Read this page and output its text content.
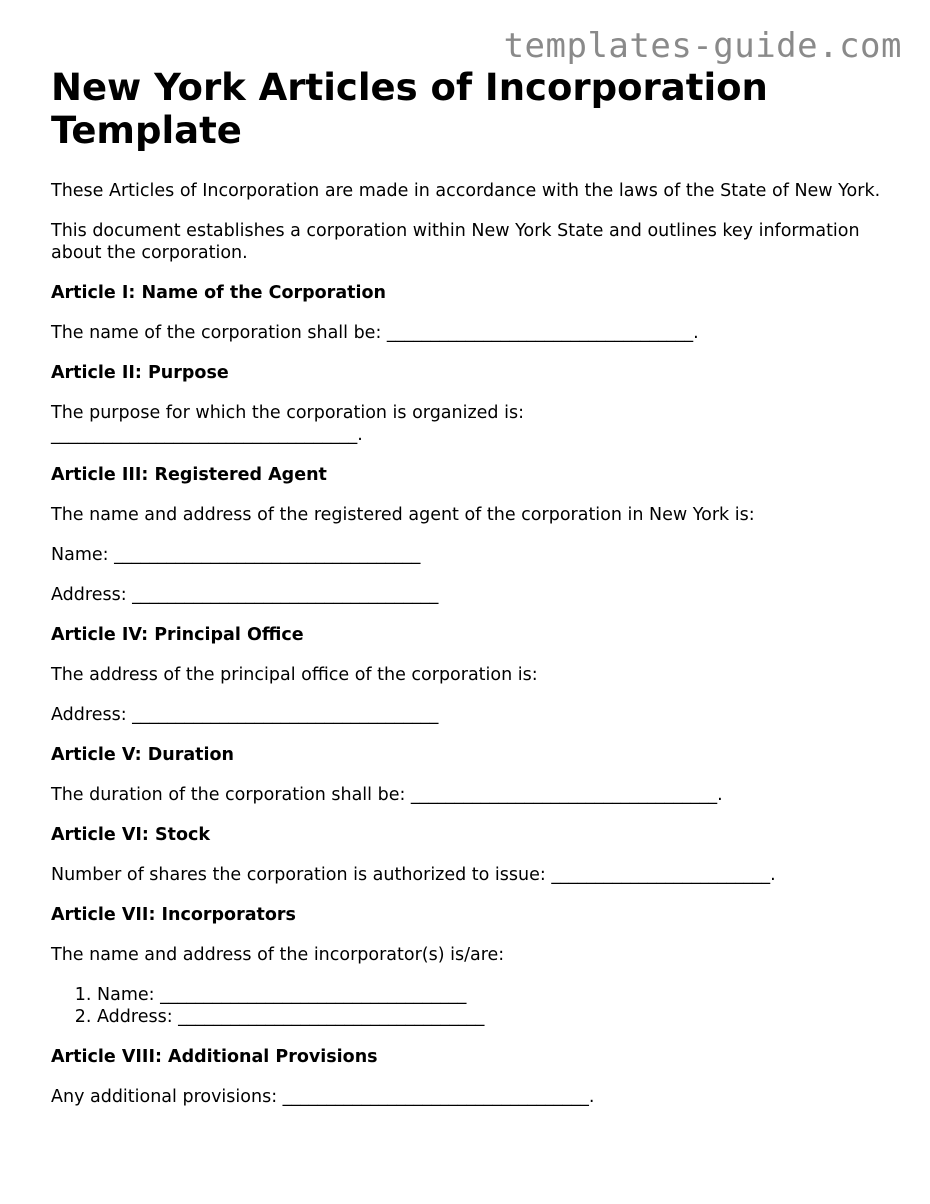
templates-guide.com
New York Articles of Incorporation Template

These Articles of Incorporation are made in accordance with the laws of the State of New York.

This document establishes a corporation within New York State and outlines key information about the corporation.

Article I: Name of the Corporation

The name of the corporation shall be: ___________________________________.

Article II: Purpose

The purpose for which the corporation is organized is: ___________________________________.

Article III: Registered Agent

The name and address of the registered agent of the corporation in New York is:

Name: ___________________________________

Address: ___________________________________

Article IV: Principal Office

The address of the principal office of the corporation is:

Address: ___________________________________

Article V: Duration

The duration of the corporation shall be: ___________________________________.

Article VI: Stock

Number of shares the corporation is authorized to issue: _________________________.

Article VII: Incorporators

The name and address of the incorporator(s) is/are:

1. Name: ___________________________________
2. Address: ___________________________________
Article VIII: Additional Provisions

Any additional provisions: ___________________________________.
